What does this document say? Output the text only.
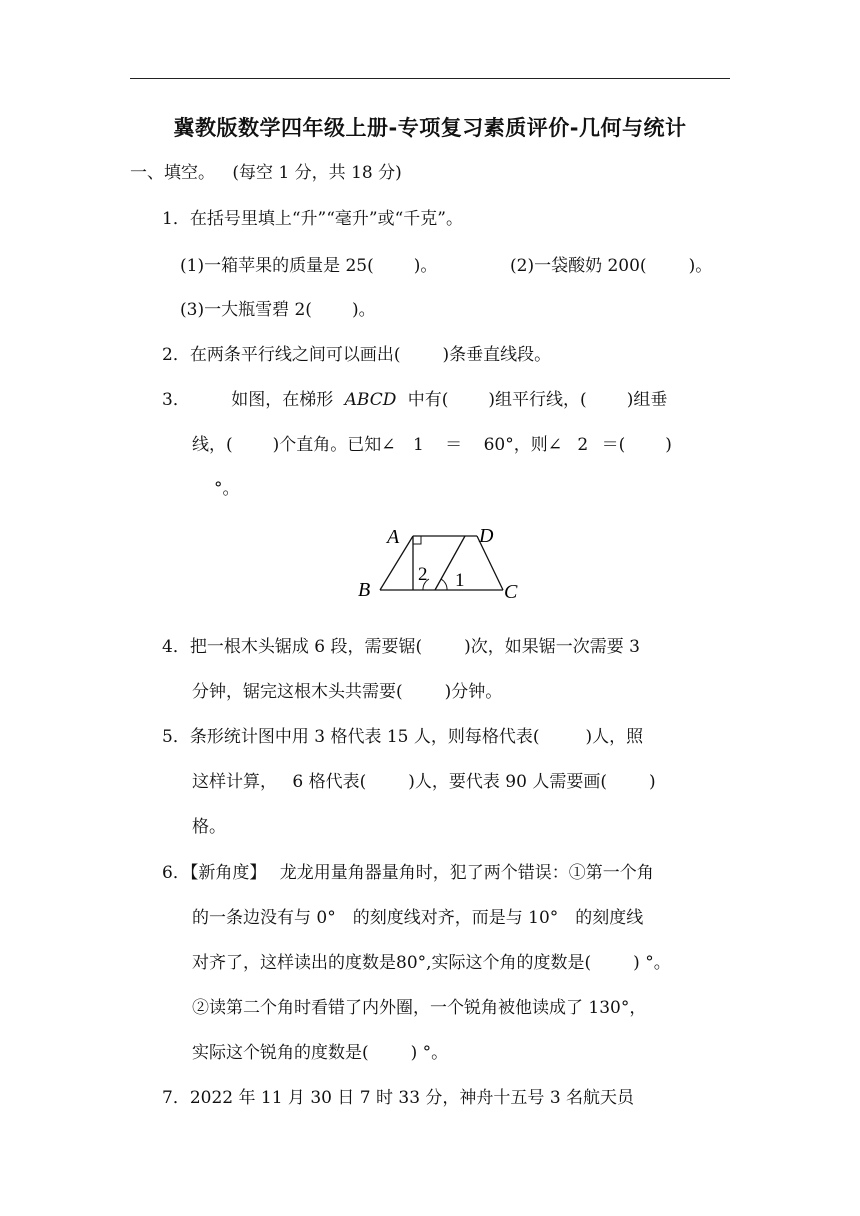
冀教版数学四年级上册-专项复习素质评价-几何与统计
一、填空。 (每空 1 分，共 18 分)
1．在括号里填上“升”“毫升”或“千克”。
(1)一箱苹果的质量是 25( )。	(2)一袋酸奶 200( )。
(3)一大瓶雪碧 2( )。
2．在两条平行线之间可以画出( )条垂直线段。
3． 如图，在梯形 ABCD 中有( )组平行线，( )组垂
线，( )个直角。已知∠ 1 ＝ 60°，则∠ 2 ＝( )
°。
A	D
B	C
2 1
4．把一根木头锯成 6 段，需要锯( )次，如果锯一次需要 3
分钟，锯完这根木头共需要( )分钟。
5．条形统计图中用 3 格代表 15 人，则每格代表(	)人，照
这样计算， 6 格代表( )人，要代表 90 人需要画( )
格。
6．【新角度】 龙龙用量角器量角时，犯了两个错误：①第一个角
的一条边没有与 0°　的刻度线对齐，而是与 10°　的刻度线
对齐了，这样读出的度数是80°,实际这个角的度数是( ) °。
②读第二个角时看错了内外圈，一个锐角被他读成了 130°，
实际这个锐角的度数是( ) °。
7．2022 年 11 月 30 日 7 时 33 分，神舟十五号 3 名航天员
